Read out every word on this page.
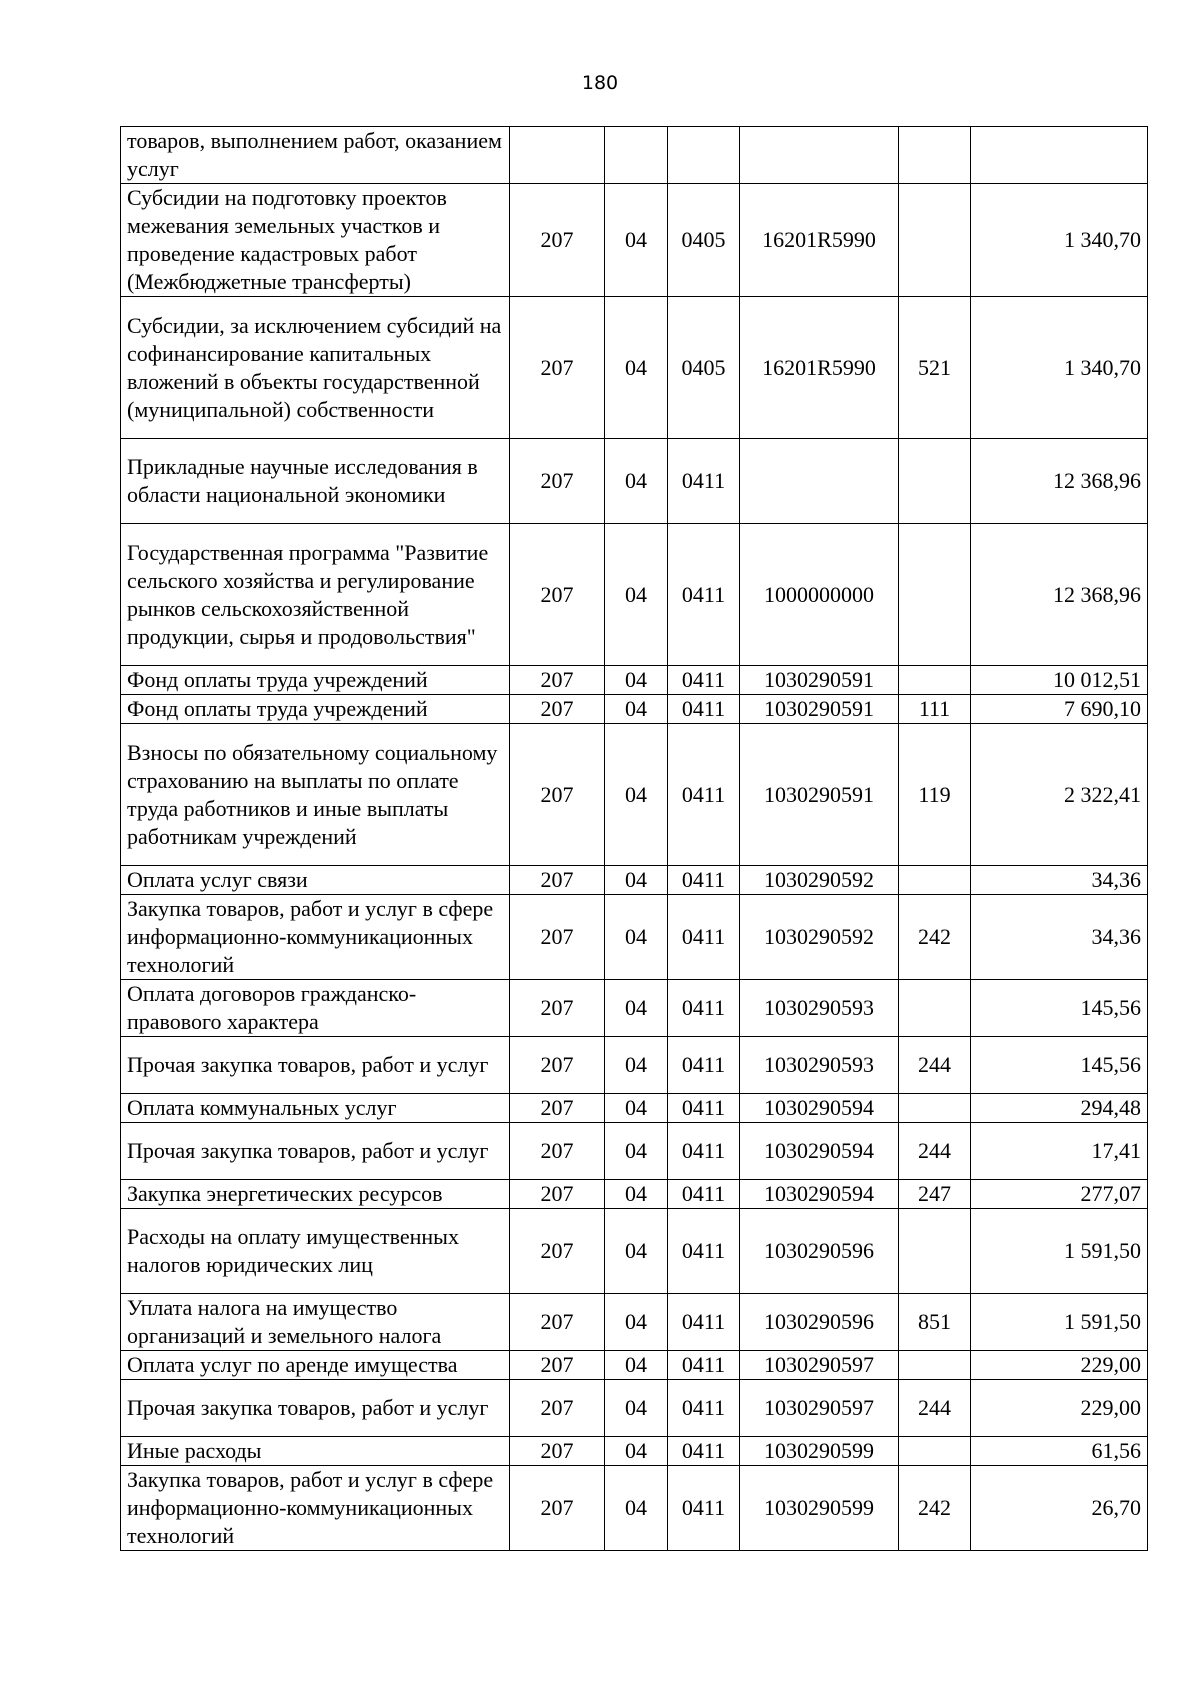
180
товаров, выполнением работ, оказанием услуг						
Субсидии на подготовку проектов межевания земельных участков и проведение кадастровых работ (Межбюджетные трансферты)	207	04	0405	16201R5990		1 340,70
Субсидии, за исключением субсидий на софинансирование капитальных вложений в объекты государственной (муниципальной) собственности	207	04	0405	16201R5990	521	1 340,70
Прикладные научные исследования в области национальной экономики	207	04	0411			12 368,96
Государственная программа "Развитие сельского хозяйства и регулирование рынков сельскохозяйственной продукции, сырья и продовольствия"	207	04	0411	1000000000		12 368,96
Фонд оплаты труда учреждений	207	04	0411	1030290591		10 012,51
Фонд оплаты труда учреждений	207	04	0411	1030290591	111	7 690,10
Взносы по обязательному социальному страхованию на выплаты по оплате труда работников и иные выплаты работникам учреждений	207	04	0411	1030290591	119	2 322,41
Оплата услуг связи	207	04	0411	1030290592		34,36
Закупка товаров, работ и услуг в сфере информационно-коммуникационных технологий	207	04	0411	1030290592	242	34,36
Оплата договоров гражданско-правового характера	207	04	0411	1030290593		145,56
Прочая закупка товаров, работ и услуг	207	04	0411	1030290593	244	145,56
Оплата коммунальных услуг	207	04	0411	1030290594		294,48
Прочая закупка товаров, работ и услуг	207	04	0411	1030290594	244	17,41
Закупка энергетических ресурсов	207	04	0411	1030290594	247	277,07
Расходы на оплату имущественных налогов юридических лиц	207	04	0411	1030290596		1 591,50
Уплата налога на имущество организаций и земельного налога	207	04	0411	1030290596	851	1 591,50
Оплата услуг по аренде имущества	207	04	0411	1030290597		229,00
Прочая закупка товаров, работ и услуг	207	04	0411	1030290597	244	229,00
Иные расходы	207	04	0411	1030290599		61,56
Закупка товаров, работ и услуг в сфере информационно-коммуникационных технологий	207	04	0411	1030290599	242	26,70
